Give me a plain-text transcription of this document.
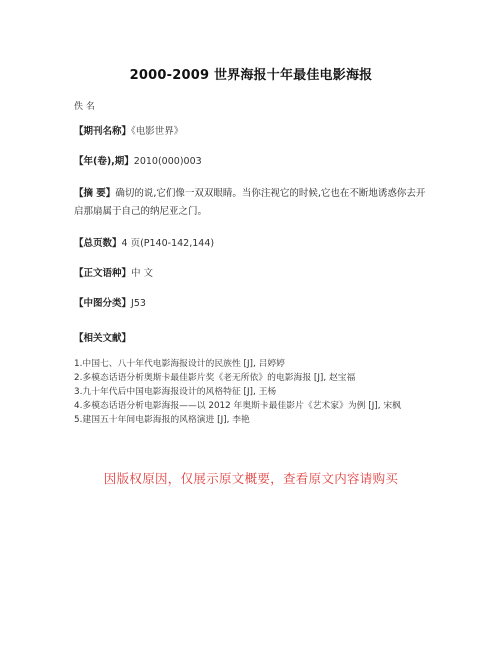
2000-2009 世界海报十年最佳电影海报
佚 名
【期刊名称】《电影世界》
【年(卷),期】2010(000)003
【摘 要】确切的说,它们像一双双眼睛。当你注视它的时候,它也在不断地诱惑你去开启那扇属于自己的纳尼亚之门。
【总页数】4 页(P140-142,144)
【正文语种】中 文
【中图分类】J53
【相关文献】
1.中国七、八十年代电影海报设计的民族性 [J], 吕婷婷
2.多模态话语分析奥斯卡最佳影片奖《老无所依》的电影海报 [J], 赵宝福
3.九十年代后中国电影海报设计的风格特征 [J], 王杨
4.多模态话语分析电影海报——以 2012 年奥斯卡最佳影片《艺术家》为例 [J], 宋枫
5.建国五十年间电影海报的风格演进 [J], 李艳
因版权原因，仅展示原文概要，查看原文内容请购买
